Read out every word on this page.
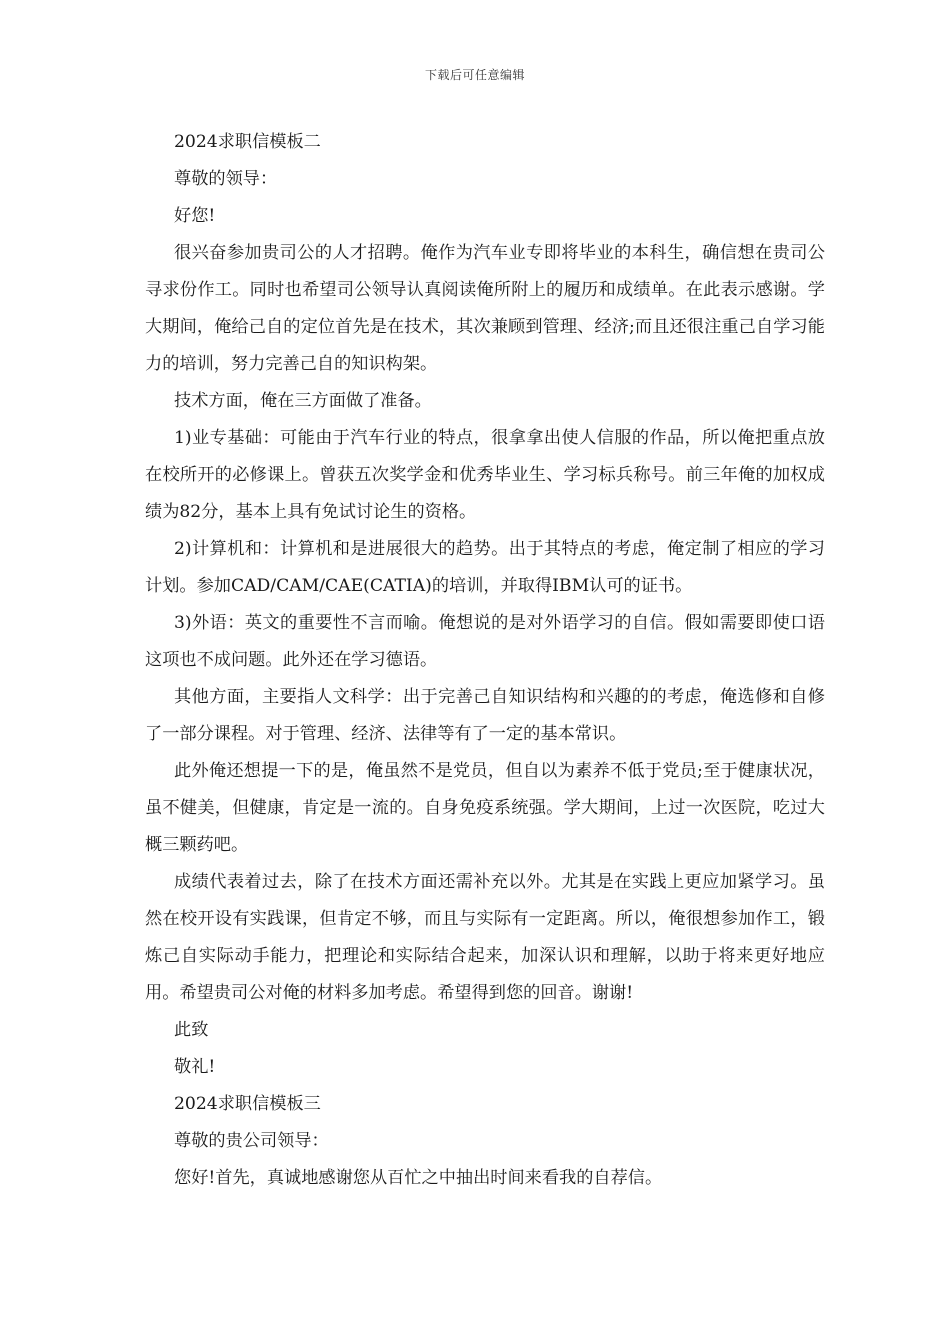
下载后可任意编辑

2024求职信模板二

尊敬的领导：

好您!

很兴奋参加贵司公的人才招聘。俺作为汽车业专即将毕业的本科生，确信想在贵司公寻求份作工。同时也希望司公领导认真阅读俺所附上的履历和成绩单。在此表示感谢。学大期间，俺给己自的定位首先是在技术，其次兼顾到管理、经济;而且还很注重己自学习能力的培训，努力完善己自的知识构架。

技术方面，俺在三方面做了准备。

1)业专基础：可能由于汽车行业的特点，很拿拿出使人信服的作品，所以俺把重点放在校所开的必修课上。曾获五次奖学金和优秀毕业生、学习标兵称号。前三年俺的加权成绩为82分，基本上具有免试讨论生的资格。

2)计算机和：计算机和是进展很大的趋势。出于其特点的考虑，俺定制了相应的学习计划。参加CAD/CAM/CAE(CATIA)的培训，并取得IBM认可的证书。

3)外语：英文的重要性不言而喻。俺想说的是对外语学习的自信。假如需要即使口语这项也不成问题。此外还在学习德语。

其他方面，主要指人文科学：出于完善己自知识结构和兴趣的的考虑，俺选修和自修了一部分课程。对于管理、经济、法律等有了一定的基本常识。

此外俺还想提一下的是，俺虽然不是党员，但自以为素养不低于党员;至于健康状况，虽不健美，但健康，肯定是一流的。自身免疫系统强。学大期间，上过一次医院，吃过大概三颗药吧。

成绩代表着过去，除了在技术方面还需补充以外。尤其是在实践上更应加紧学习。虽然在校开设有实践课，但肯定不够，而且与实际有一定距离。所以，俺很想参加作工，锻炼己自实际动手能力，把理论和实际结合起来，加深认识和理解，以助于将来更好地应用。希望贵司公对俺的材料多加考虑。希望得到您的回音。谢谢!

此致

敬礼!

2024求职信模板三

尊敬的贵公司领导：

您好!首先，真诚地感谢您从百忙之中抽出时间来看我的自荐信。
